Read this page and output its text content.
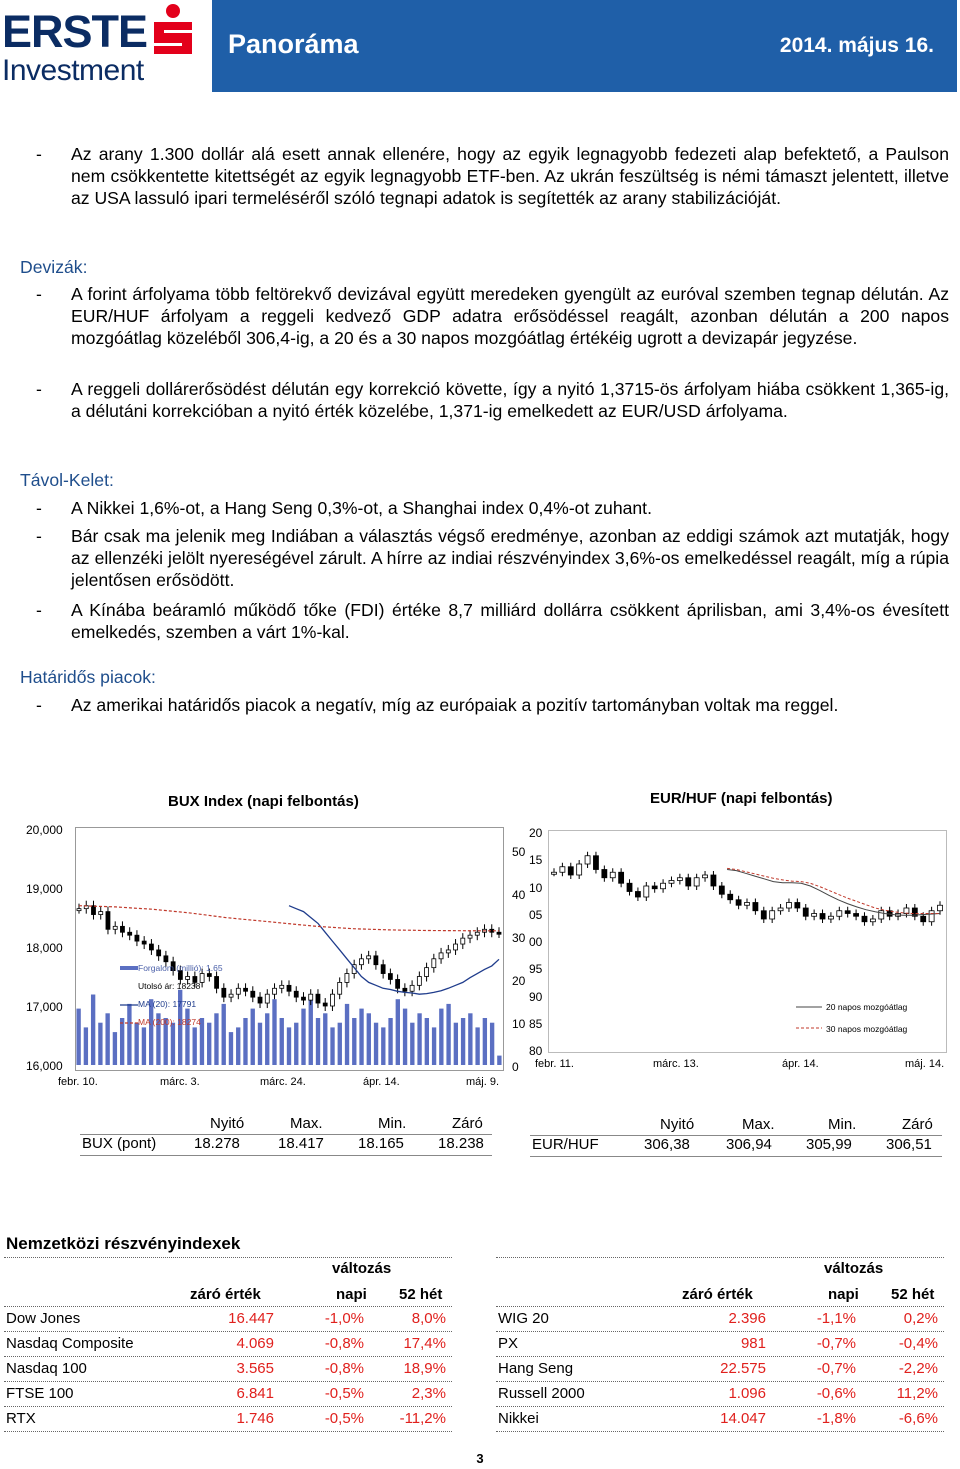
ERSTE
Investment
Panoráma	2014. május 16.
- Az arany 1.300 dollár alá esett annak ellenére, hogy az egyik legnagyobb fedezeti alap befektető, a Paulson nem csökkentette kitettségét az egyik legnagyobb ETF-ben. Az ukrán feszültség is némi támaszt jelentett, illetve az USA lassuló ipari termeléséről szóló tegnapi adatok is segítették az arany stabilizációját.
Devizák:
- A forint árfolyama több feltörekvő devizával együtt meredeken gyengült az euróval szemben tegnap délután. Az EUR/HUF árfolyam a reggeli kedvező GDP adatra erősödéssel reagált, azonban délután a 200 napos mozgóátlag közeléből 306,4-ig, a 20 és a 30 napos mozgóátlag értékéig ugrott a devizapár jegyzése.
- A reggeli dollárerősödést délután egy korrekció követte, így a nyitó 1,3715-ös árfolyam hiába csökkent 1,365-ig, a délutáni korrekcióban a nyitó érték közelébe, 1,371-ig emelkedett az EUR/USD árfolyama.
Távol-Kelet:
- A Nikkei 1,6%-ot, a Hang Seng 0,3%-ot, a Shanghai index 0,4%-ot zuhant.
- Bár csak ma jelenik meg Indiában a választás végső eredménye, azonban az eddigi számok azt mutatják, hogy az ellenzéki jelölt nyereségével zárult. A hírre az indiai részvényindex 3,6%-os emelkedéssel reagált, míg a rúpia jelentősen erősödött.
- A Kínába beáramló működő tőke (FDI) értéke 8,7 milliárd dollárra csökkent áprilisban, ami 3,4%-os évesített emelkedés, szemben a várt 1%-kal.
Határidős piacok:
- Az amerikai határidős piacok a negatív, míg az európaiak a pozitív tartományban voltak ma reggel.
BUX Index (napi felbontás)
20,000
19,000
18,000
17,000
16,000
50
40
30
20
10
0
Forgalom (millió): 1.65
Utolsó ár: 18238
MA (20): 17791
MA (200): 18274
febr. 10.	márc. 3.	márc. 24.	ápr. 14.	máj. 9.
EUR/HUF (napi felbontás)
20
15
10
05
00
95
90
85
80
20 napos mozgóátlag
30 napos mozgóátlag
febr. 11.	márc. 13.	ápr. 14.	máj. 14.
Nyitó	Max.	Min.	Záró
BUX (pont)	18.278	18.417 18.165 18.238
Nyitó	Max.	Min.	Záró
EUR/HUF	306,38 306,94 305,99 306,51
Nemzetközi részvényindexek
változás
záró érték	napi 52 hét
Dow Jones	16.447	-1,0%	8,0%
Nasdaq Composite	4.069	-0,8%	17,4%
Nasdaq 100	3.565	-0,8%	18,9%
FTSE 100	6.841	-0,5%	2,3%
RTX	1.746	-0,5% -11,2%
változás
záró érték	napi 52 hét
WIG 20	2.396	-1,1%	0,2%
PX	981	-0,7%	-0,4%
Hang Seng	22.575	-0,7%	-2,2%
Russell 2000	1.096	-0,6%	11,2%
Nikkei	14.047	-1,8%	-6,6%
3
